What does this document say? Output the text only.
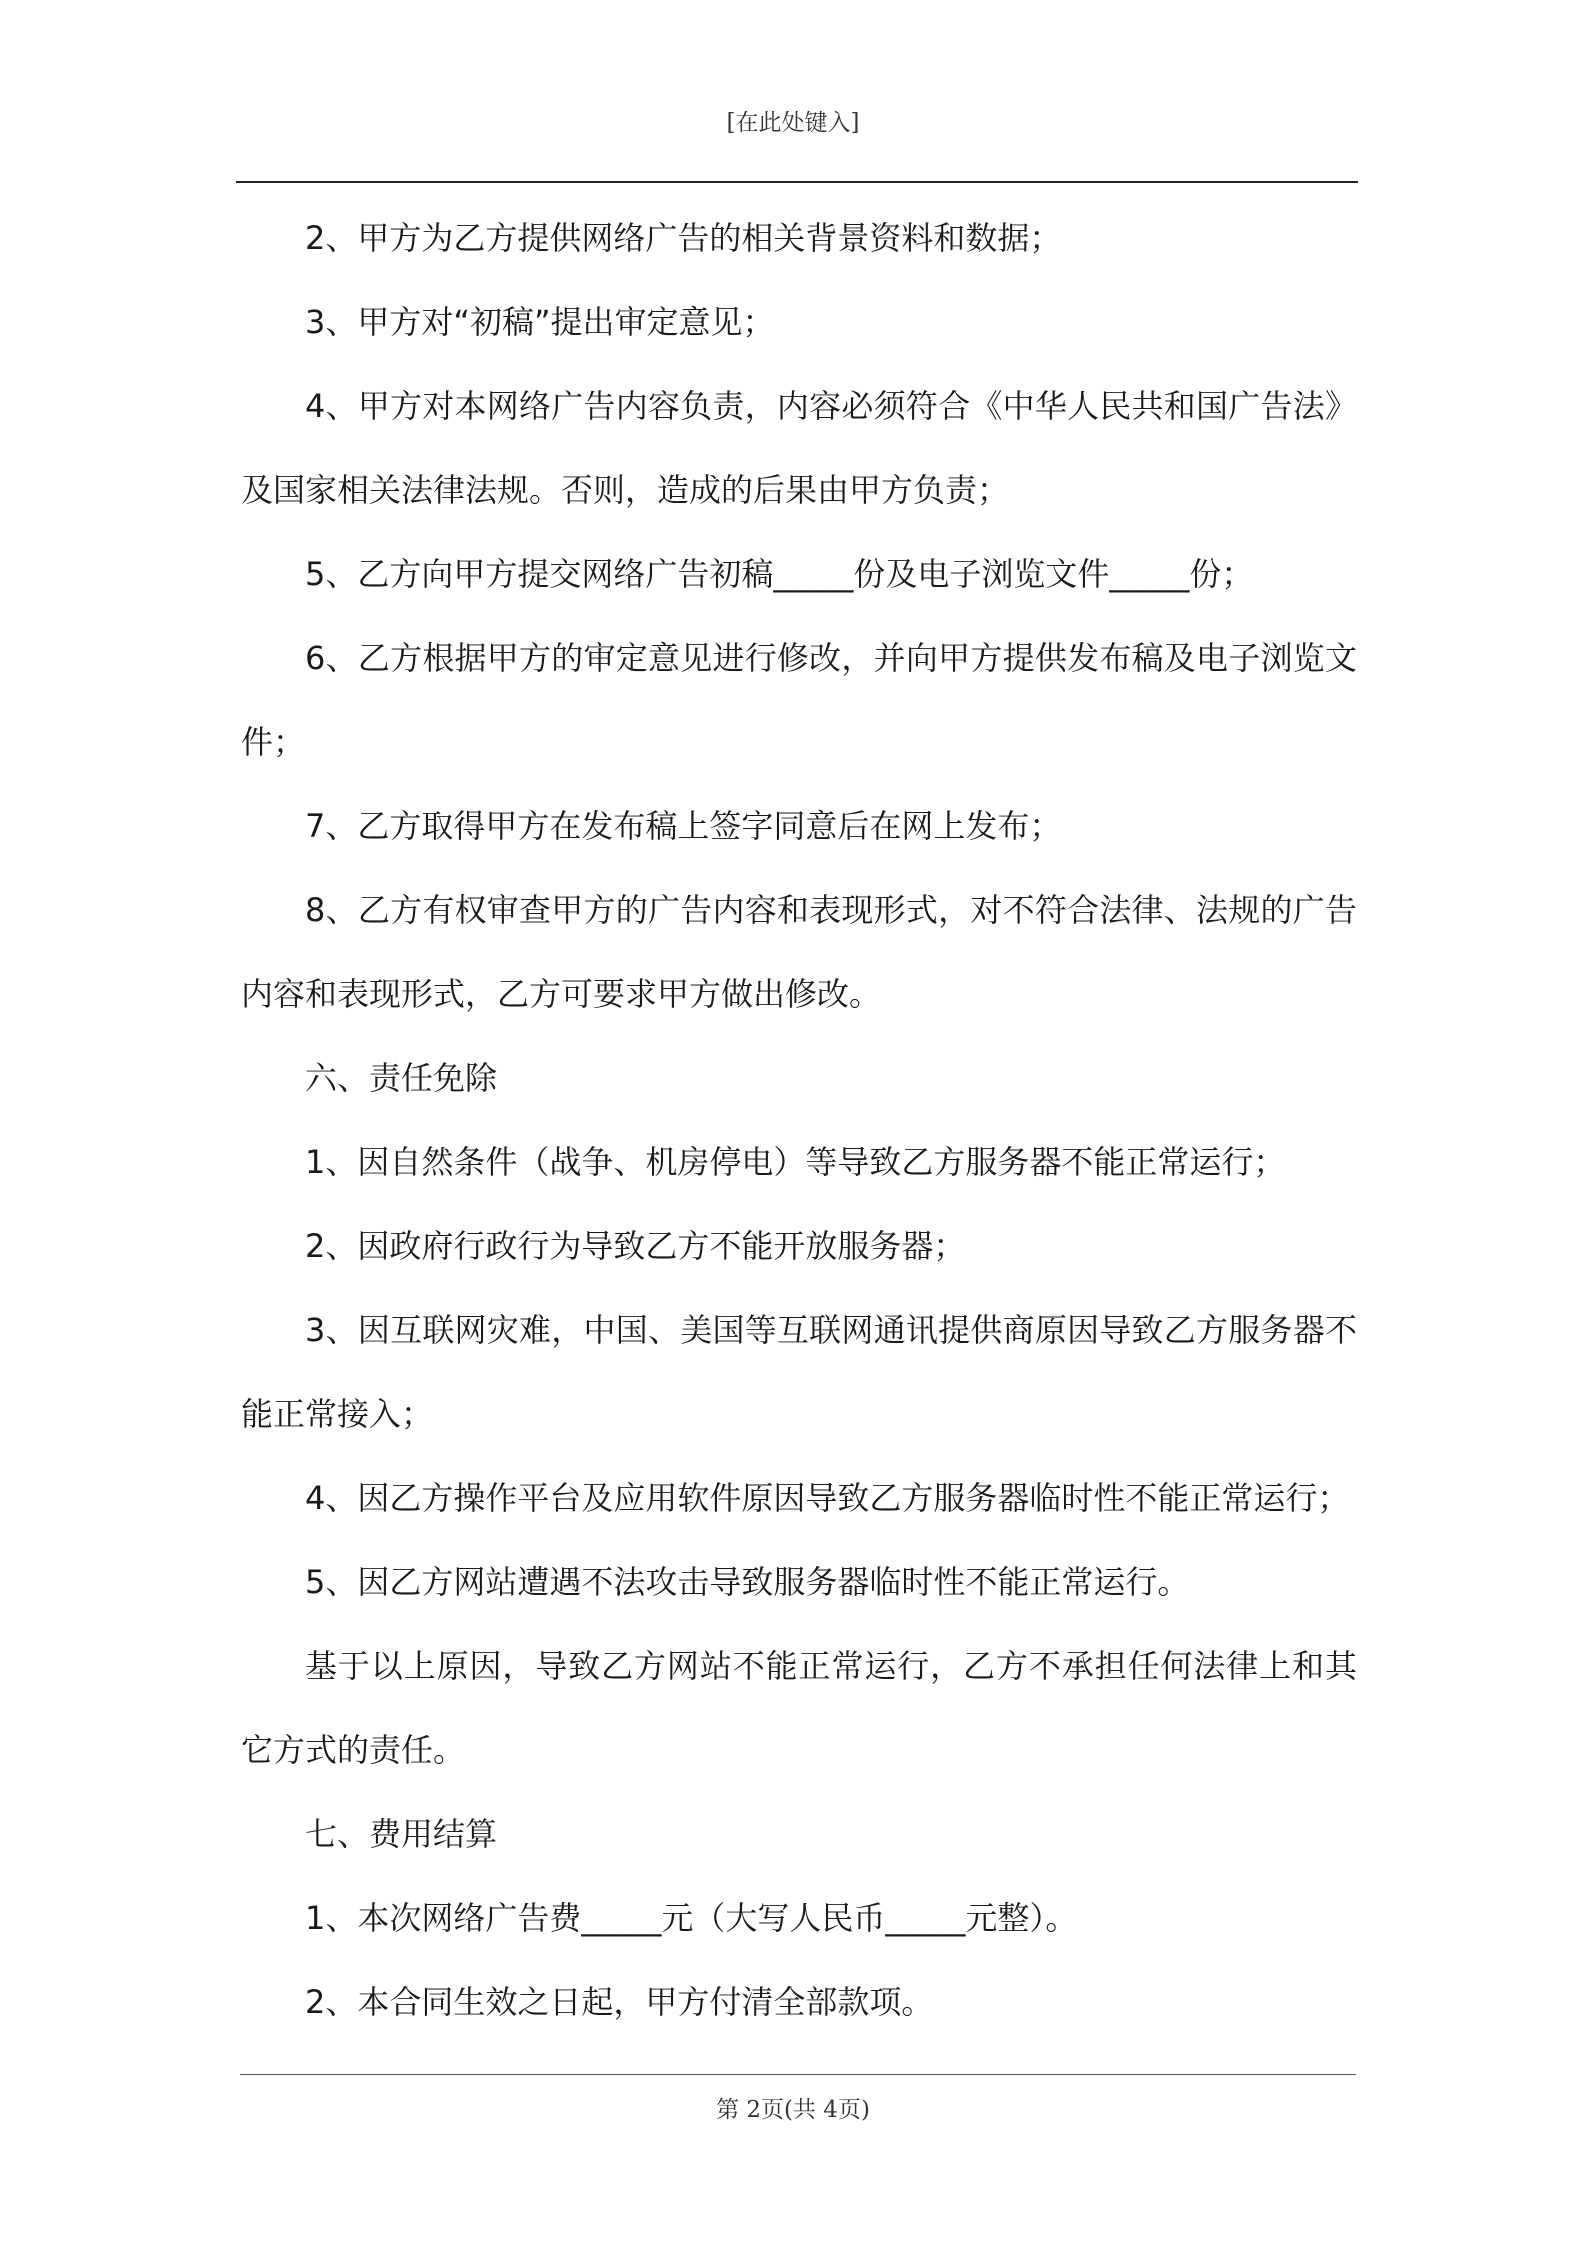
[在此处键入]

2、甲方为乙方提供网络广告的相关背景资料和数据；

3、甲方对“初稿”提出审定意见；

4、甲方对本网络广告内容负责，内容必须符合《中华人民共和国广告法》及国家相关法律法规。否则，造成的后果由甲方负责；

5、乙方向甲方提交网络广告初稿_____份及电子浏览文件_____份；

6、乙方根据甲方的审定意见进行修改，并向甲方提供发布稿及电子浏览文件；

7、乙方取得甲方在发布稿上签字同意后在网上发布；

8、乙方有权审查甲方的广告内容和表现形式，对不符合法律、法规的广告内容和表现形式，乙方可要求甲方做出修改。

六、责任免除

1、因自然条件（战争、机房停电）等导致乙方服务器不能正常运行；

2、因政府行政行为导致乙方不能开放服务器；

3、因互联网灾难，中国、美国等互联网通讯提供商原因导致乙方服务器不能正常接入；

4、因乙方操作平台及应用软件原因导致乙方服务器临时性不能正常运行；

5、因乙方网站遭遇不法攻击导致服务器临时性不能正常运行。

基于以上原因，导致乙方网站不能正常运行，乙方不承担任何法律上和其它方式的责任。

七、费用结算

1、本次网络广告费_____元（大写人民币_____元整）。

2、本合同生效之日起，甲方付清全部款项。

第 2页(共 4页)
